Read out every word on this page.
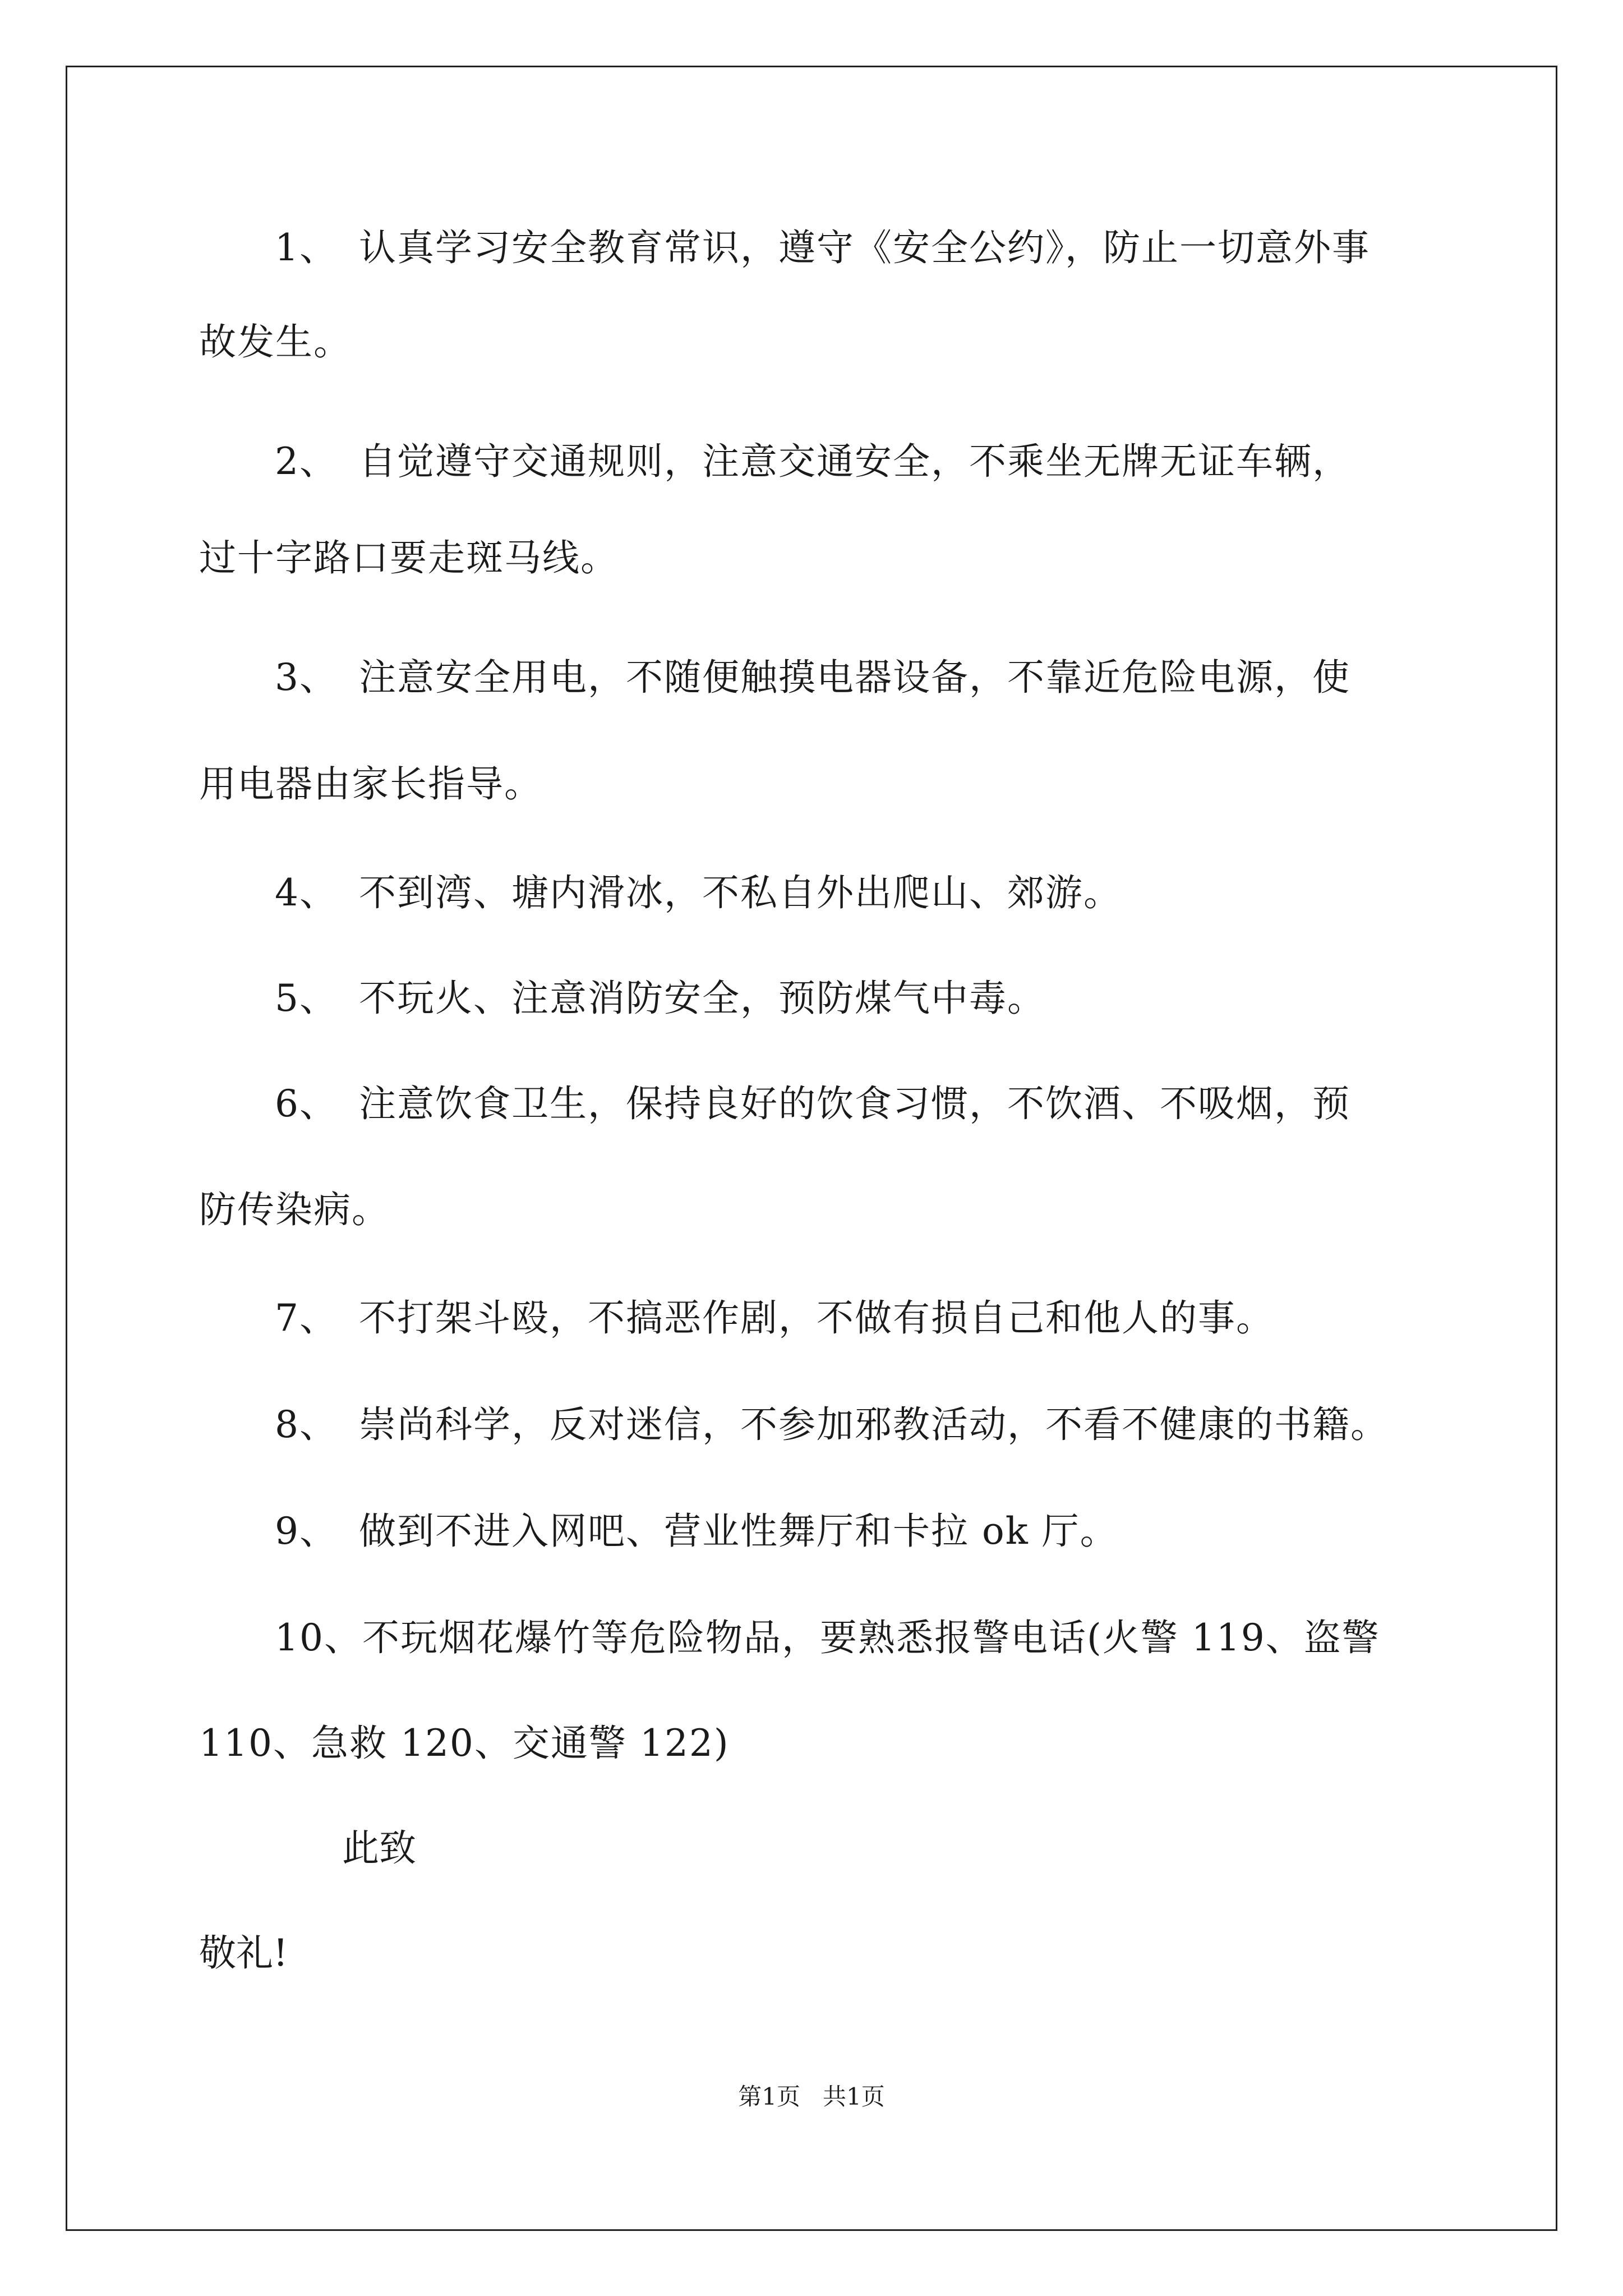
1、 认真学习安全教育常识，遵守《安全公约》，防止一切意外事
故发生。
2、 自觉遵守交通规则，注意交通安全，不乘坐无牌无证车辆，
过十字路口要走斑马线。
3、 注意安全用电，不随便触摸电器设备，不靠近危险电源，使
用电器由家长指导。
4、 不到湾、塘内滑冰，不私自外出爬山、郊游。
5、 不玩火、注意消防安全，预防煤气中毒。
6、 注意饮食卫生，保持良好的饮食习惯，不饮酒、不吸烟，预
防传染病。
7、 不打架斗殴，不搞恶作剧，不做有损自己和他人的事。
8、 崇尚科学，反对迷信，不参加邪教活动，不看不健康的书籍。
9、 做到不进入网吧、营业性舞厅和卡拉 ok 厅。
10、不玩烟花爆竹等危险物品，要熟悉报警电话(火警 119、盗警
110、急救 120、交通警 122)
此致
敬礼!
第1页   共1页
